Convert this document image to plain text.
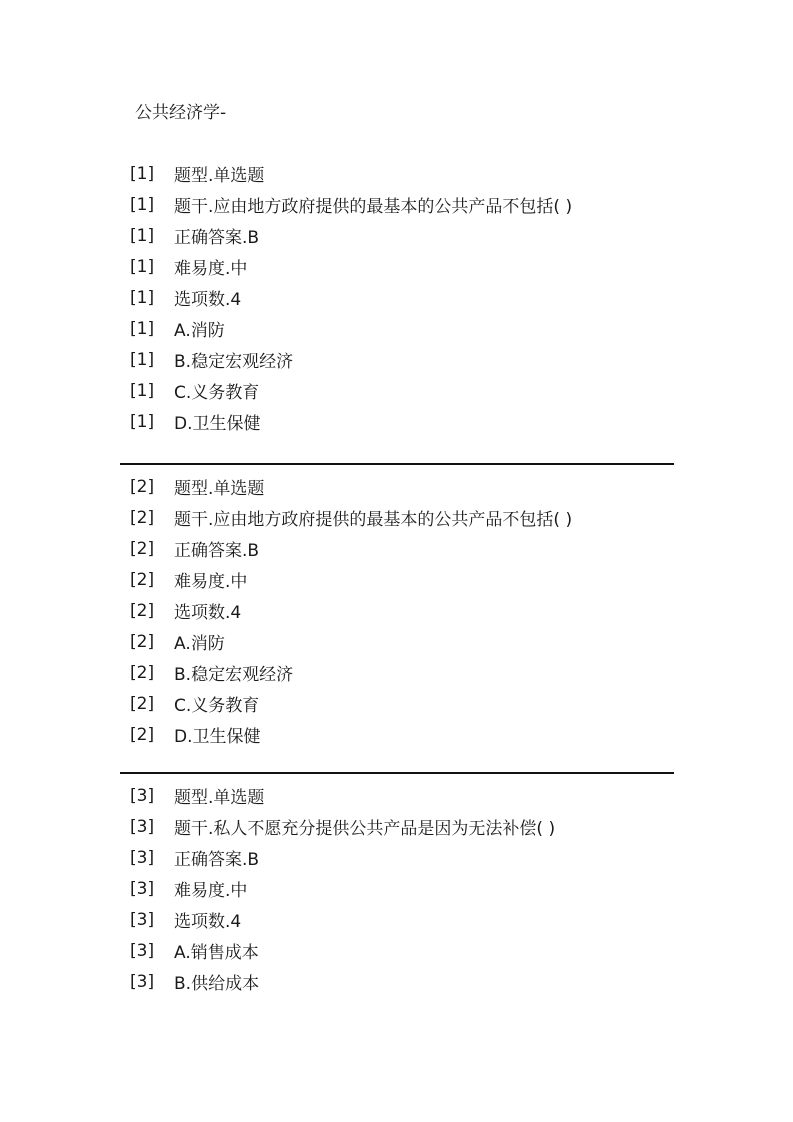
公共经济学-
[1]	题型.单选题
[1]	题干.应由地方政府提供的最基本的公共产品不包括( )
[1]	正确答案.B
[1]	难易度.中
[1]	选项数.4
[1]	A.消防
[1]	B.稳定宏观经济
[1]	C.义务教育
[1]	D.卫生保健
[2]	题型.单选题
[2]	题干.应由地方政府提供的最基本的公共产品不包括( )
[2]	正确答案.B
[2]	难易度.中
[2]	选项数.4
[2]	A.消防
[2]	B.稳定宏观经济
[2]	C.义务教育
[2]	D.卫生保健
[3]	题型.单选题
[3]	题干.私人不愿充分提供公共产品是因为无法补偿( )
[3]	正确答案.B
[3]	难易度.中
[3]	选项数.4
[3]	A.销售成本
[3]	B.供给成本
